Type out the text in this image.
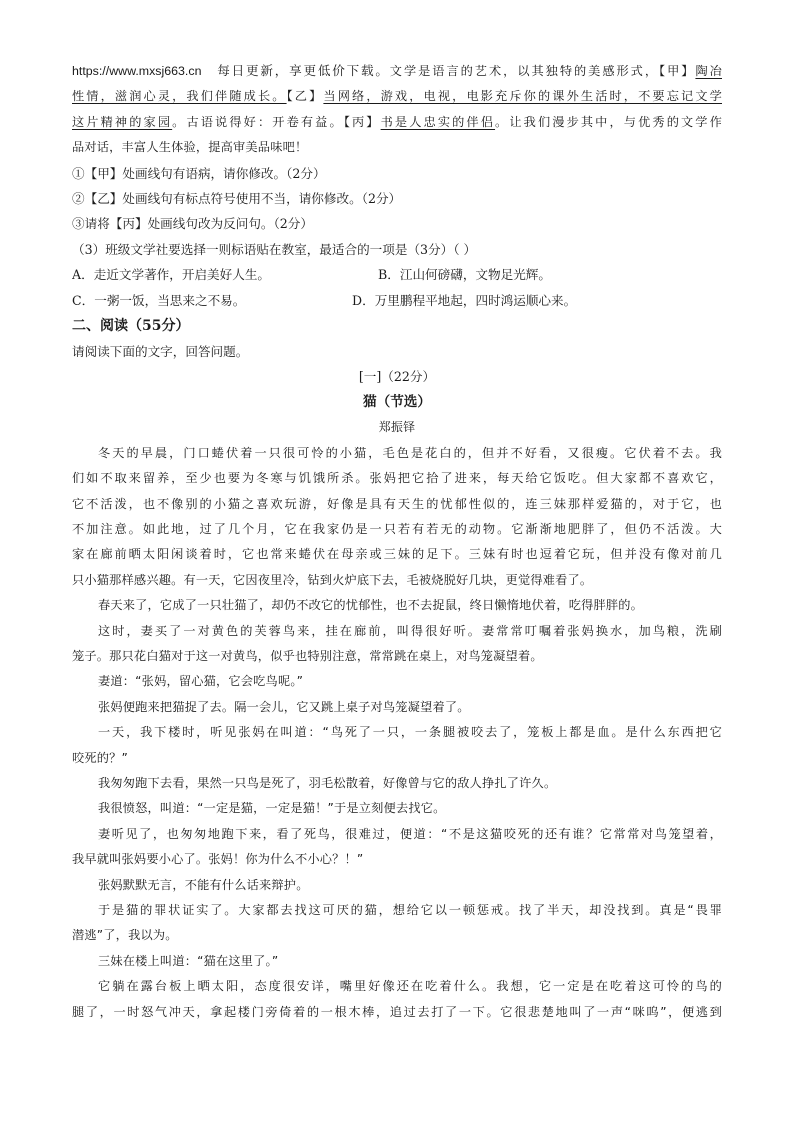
https://www.mxsj663.cn 每日更新，享更低价下载。文学是语言的艺术，以其独特的美感形式，【甲】陶冶
性情，滋润心灵，我们伴随成长。【乙】当网络，游戏，电视，电影充斥你的课外生活时，不要忘记文学
这片精神的家园。古语说得好：开卷有益。【丙】书是人忠实的伴侣。让我们漫步其中，与优秀的文学作
品对话，丰富人生体验，提高审美品味吧！
①【甲】处画线句有语病，请你修改。（2分）
②【乙】处画线句有标点符号使用不当，请你修改。（2分）
③请将【丙】处画线句改为反问句。（2分）
（3）班级文学社要选择一则标语贴在教室，最适合的一项是（3分）（ ）
A．走近文学著作，开启美好人生。	B．江山何磅礴，文物足光辉。
C．一粥一饭，当思来之不易。	D．万里鹏程平地起，四时鸿运顺心来。
二、阅读（55分）
请阅读下面的文字，回答问题。
[一]（22分）
猫（节选）
郑振铎
冬天的早晨，门口蜷伏着一只很可怜的小猫，毛色是花白的，但并不好看，又很瘦。它伏着不去。我
们如不取来留养，至少也要为冬寒与饥饿所杀。张妈把它拾了进来，每天给它饭吃。但大家都不喜欢它，
它不活泼，也不像别的小猫之喜欢玩游，好像是具有天生的忧郁性似的，连三妹那样爱猫的，对于它，也
不加注意。如此地，过了几个月，它在我家仍是一只若有若无的动物。它渐渐地肥胖了，但仍不活泼。大
家在廊前晒太阳闲谈着时，它也常来蜷伏在母亲或三妹的足下。三妹有时也逗着它玩，但并没有像对前几
只小猫那样感兴趣。有一天，它因夜里冷，钻到火炉底下去，毛被烧脱好几块，更觉得难看了。
春天来了，它成了一只壮猫了，却仍不改它的忧郁性，也不去捉鼠，终日懒惰地伏着，吃得胖胖的。
这时，妻买了一对黄色的芙蓉鸟来，挂在廊前，叫得很好听。妻常常叮嘱着张妈换水，加鸟粮，洗刷
笼子。那只花白猫对于这一对黄鸟，似乎也特别注意，常常跳在桌上，对鸟笼凝望着。
妻道：“张妈，留心猫，它会吃鸟呢。”
张妈便跑来把猫捉了去。隔一会儿，它又跳上桌子对鸟笼凝望着了。
一天，我下楼时，听见张妈在叫道：“鸟死了一只，一条腿被咬去了，笼板上都是血。是什么东西把它
咬死的？”
我匆匆跑下去看，果然一只鸟是死了，羽毛松散着，好像曾与它的敌人挣扎了许久。
我很愤怒，叫道：“一定是猫，一定是猫！”于是立刻便去找它。
妻听见了，也匆匆地跑下来，看了死鸟，很难过，便道：“不是这猫咬死的还有谁？它常常对鸟笼望着，
我早就叫张妈要小心了。张妈！你为什么不小心？！”
张妈默默无言，不能有什么话来辩护。
于是猫的罪状证实了。大家都去找这可厌的猫，想给它以一顿惩戒。找了半天，却没找到。真是“畏罪
潜逃”了，我以为。
三妹在楼上叫道：“猫在这里了。”
它躺在露台板上晒太阳，态度很安详，嘴里好像还在吃着什么。我想，它一定是在吃着这可怜的鸟的
腿了，一时怒气冲天，拿起楼门旁倚着的一根木棒，追过去打了一下。它很悲楚地叫了一声“咪呜”，便逃到
